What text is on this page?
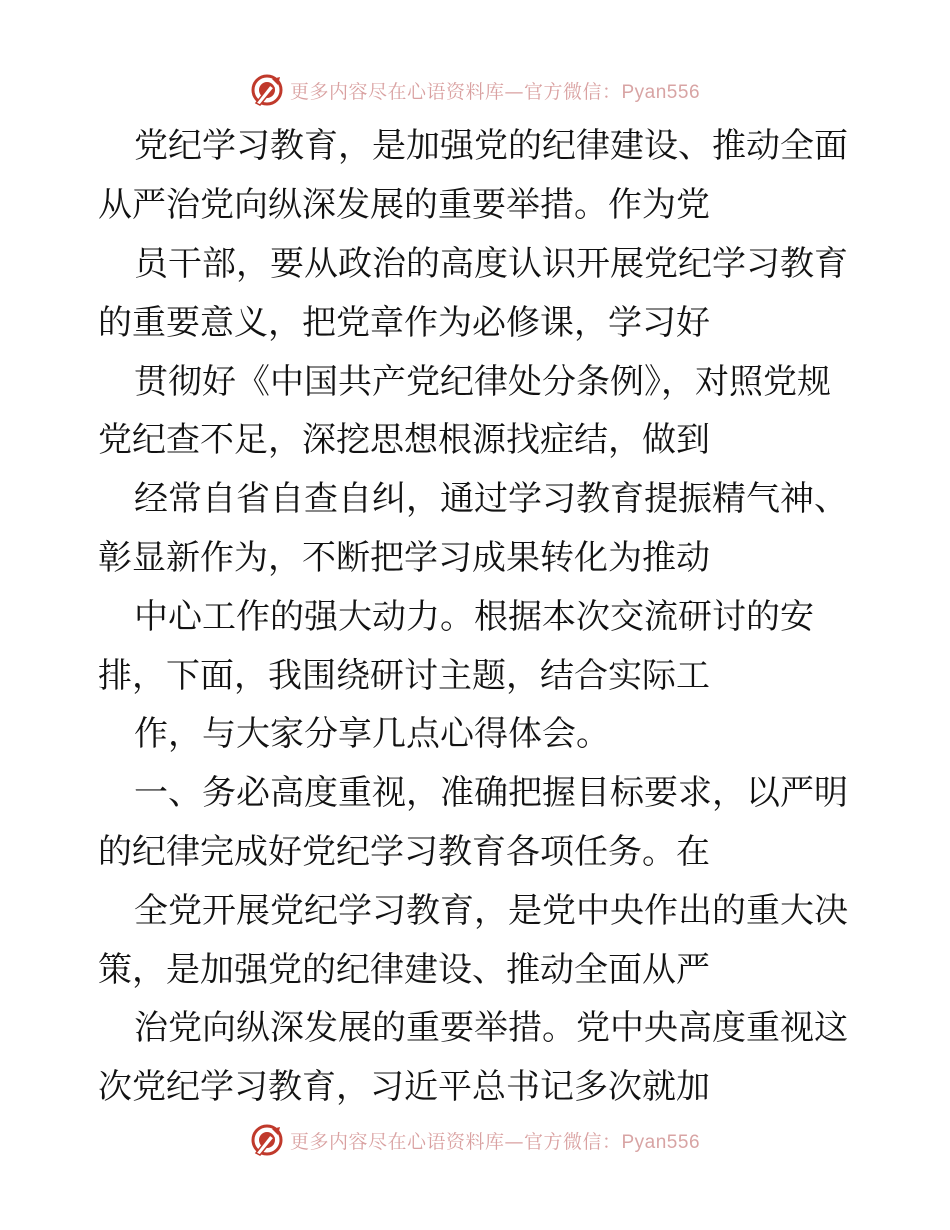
更多内容尽在心语资料库—官方微信：Pyan556
党纪学习教育，是加强党的纪律建设、推动全面
从严治党向纵深发展的重要举措。作为党
员干部，要从政治的高度认识开展党纪学习教育
的重要意义，把党章作为必修课，学习好
贯彻好《中国共产党纪律处分条例》，对照党规
党纪查不足，深挖思想根源找症结，做到
经常自省自查自纠，通过学习教育提振精气神、
彰显新作为，不断把学习成果转化为推动
中心工作的强大动力。根据本次交流研讨的安
排，下面，我围绕研讨主题，结合实际工
作，与大家分享几点心得体会。
一、务必高度重视，准确把握目标要求，以严明
的纪律完成好党纪学习教育各项任务。在
全党开展党纪学习教育，是党中央作出的重大决
策，是加强党的纪律建设、推动全面从严
治党向纵深发展的重要举措。党中央高度重视这
次党纪学习教育，习近平总书记多次就加
更多内容尽在心语资料库—官方微信：Pyan556
